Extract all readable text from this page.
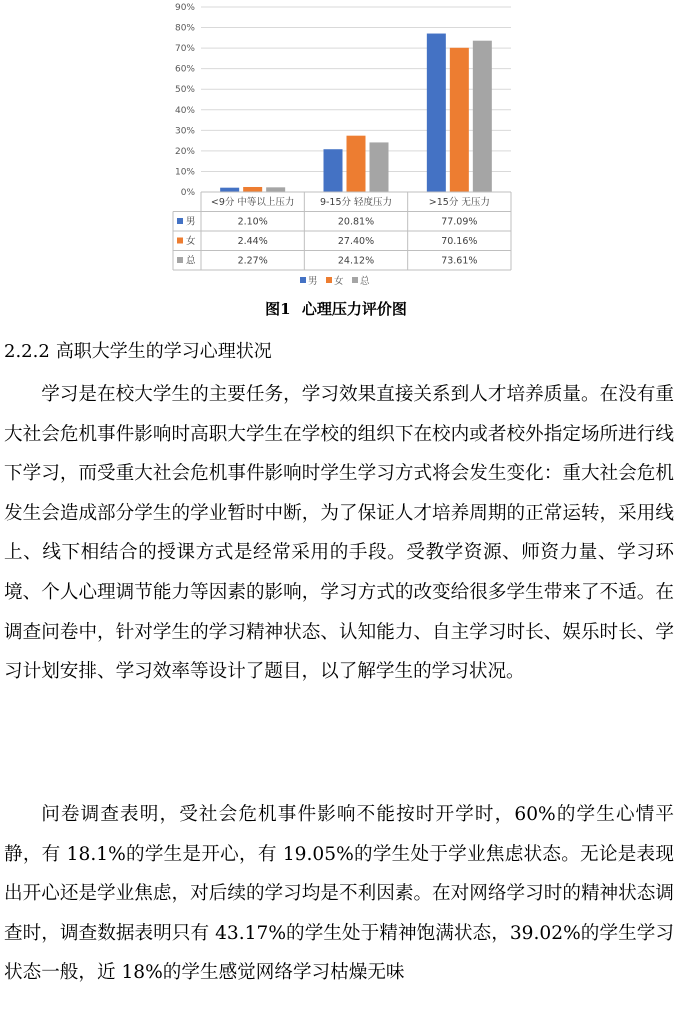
0%
10%
20%
30%
40%
50%
60%
70%
80%
90%
<9分 中等以上压力	9-15分 轻度压力	>15分 无压力
男	2.10%	20.81%	77.09%
女	2.44%	27.40%	70.16%
总	2.27%	24.12%	73.61%
男 女 总
图1 心理压力评价图
2.2.2 高职大学生的学习心理状况

学习是在校大学生的主要任务，学习效果直接关系到人才培养质量。在没有重大社会危机事件影响时高职大学生在学校的组织下在校内或者校外指定场所进行线下学习，而受重大社会危机事件影响时学生学习方式将会发生变化：重大社会危机发生会造成部分学生的学业暂时中断，为了保证人才培养周期的正常运转，采用线上、线下相结合的授课方式是经常采用的手段。受教学资源、师资力量、学习环境、个人心理调节能力等因素的影响，学习方式的改变给很多学生带来了不适。在调查问卷中，针对学生的学习精神状态、认知能力、自主学习时长、娱乐时长、学习计划安排、学习效率等设计了题目，以了解学生的学习状况。

问卷调查表明，受社会危机事件影响不能按时开学时，60%的学生心情平静，有 18.1%的学生是开心，有 19.05%的学生处于学业焦虑状态。无论是表现出开心还是学业焦虑，对后续的学习均是不利因素。在对网络学习时的精神状态调查时，调查数据表明只有 43.17%的学生处于精神饱满状态，39.02%的学生学习状态一般，近 18%的学生感觉网络学习枯燥无味
